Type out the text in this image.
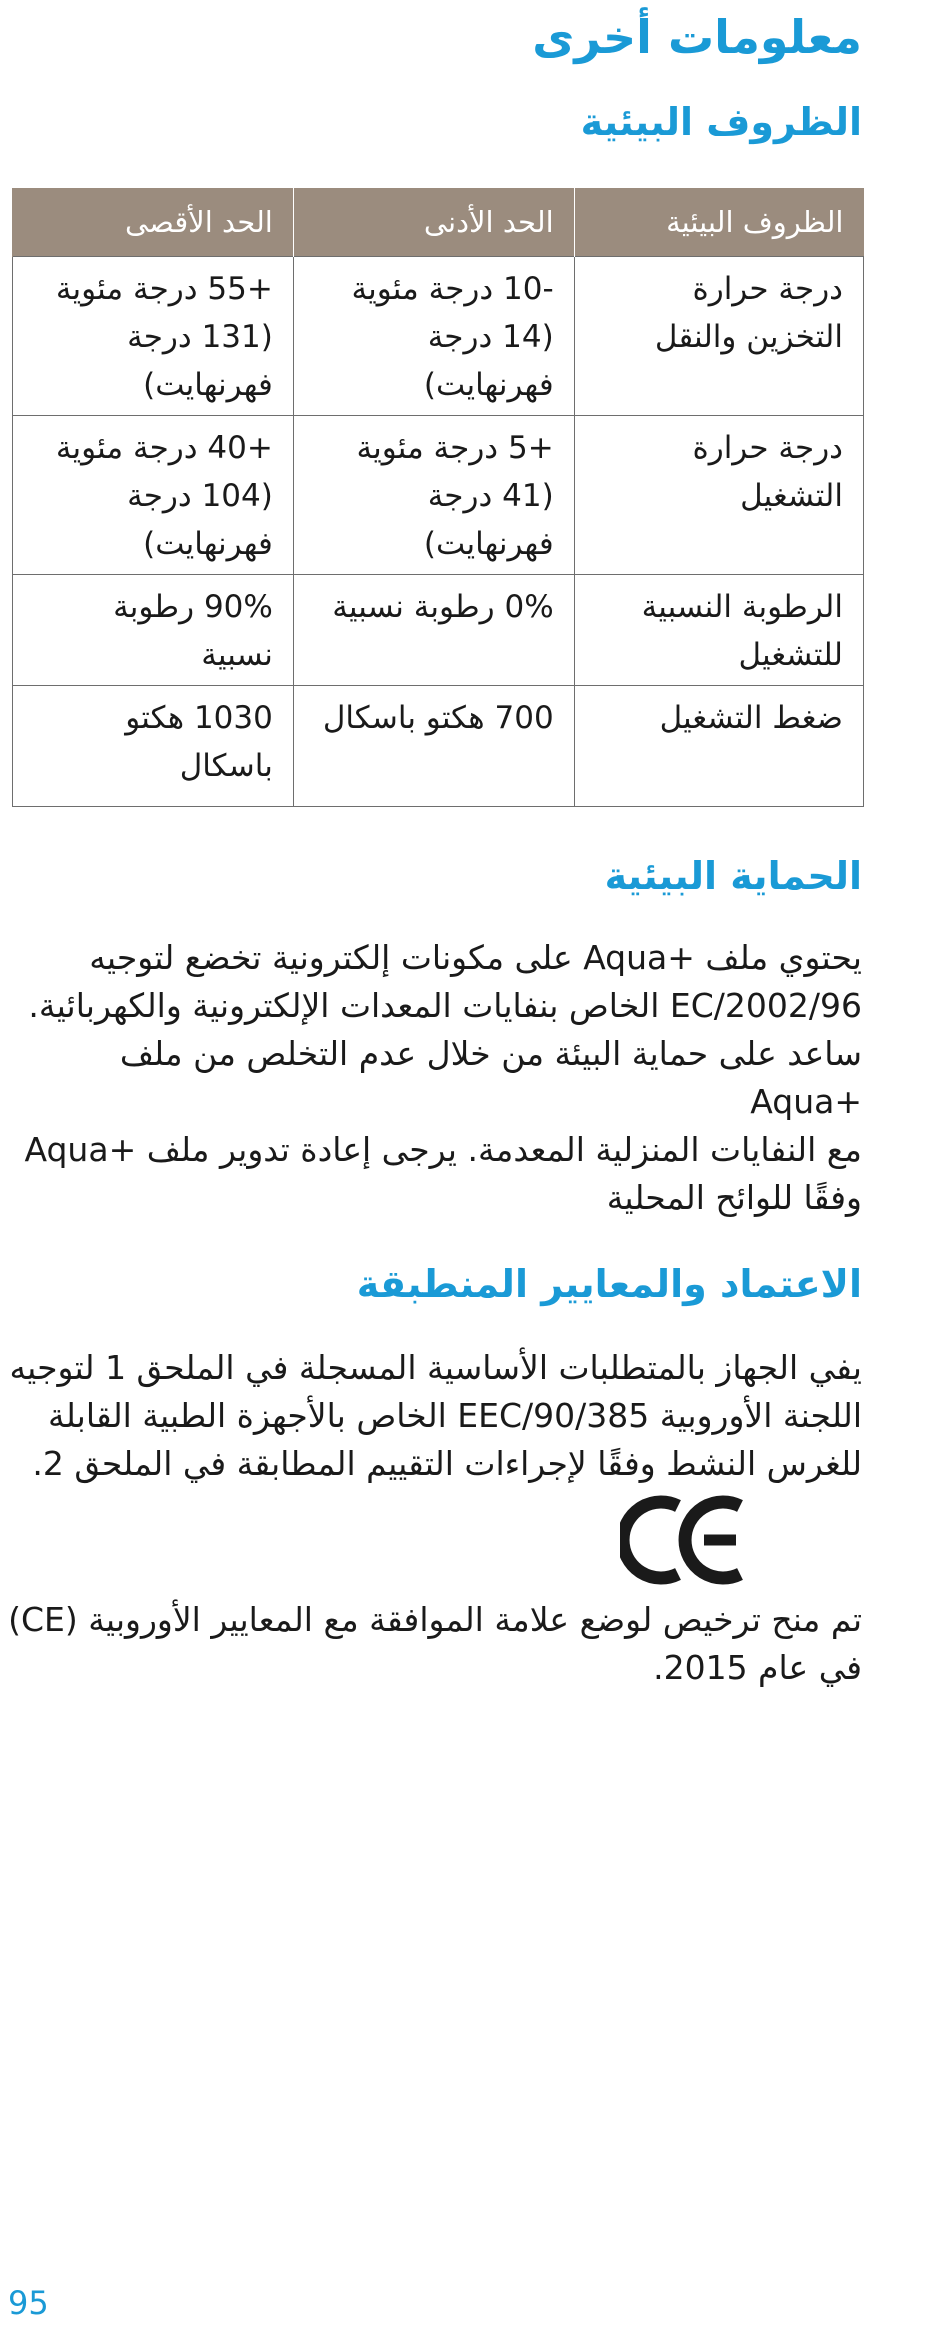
معلومات أخرى
الظروف البيئية
الظروف البيئية	الحد الأدنى	الحد الأقصى
درجة حرارة التخزين والنقل	-10 درجة مئوية (14 درجة فهرنهايت)	+55 درجة مئوية (131 درجة فهرنهايت)
درجة حرارة التشغيل	+5 درجة مئوية (41 درجة فهرنهايت)	+40 درجة مئوية (104 درجة فهرنهايت)
الرطوبة النسبية للتشغيل	0% رطوبة نسبية	90% رطوبة نسبية
ضغط التشغيل	700 هكتو باسكال	1030 هكتو باسكال
الحماية البيئية
يحتوي ملف +Aqua على مكونات إلكترونية تخضع لتوجيه
2002/96/EC الخاص بنفايات المعدات الإلكترونية والكهربائية.
ساعد على حماية البيئة من خلال عدم التخلص من ملف +Aqua
مع النفايات المنزلية المعدمة. يرجى إعادة تدوير ملف +Aqua
وفقًا للوائح المحلية
الاعتماد والمعايير المنطبقة
يفي الجهاز بالمتطلبات الأساسية المسجلة في الملحق 1 لتوجيه
اللجنة الأوروبية 90/385/EEC الخاص بالأجهزة الطبية القابلة
للغرس النشط وفقًا لإجراءات التقييم المطابقة في الملحق 2.
تم منح ترخيص لوضع علامة الموافقة مع المعايير الأوروبية (CE)
في عام 2015.
95
